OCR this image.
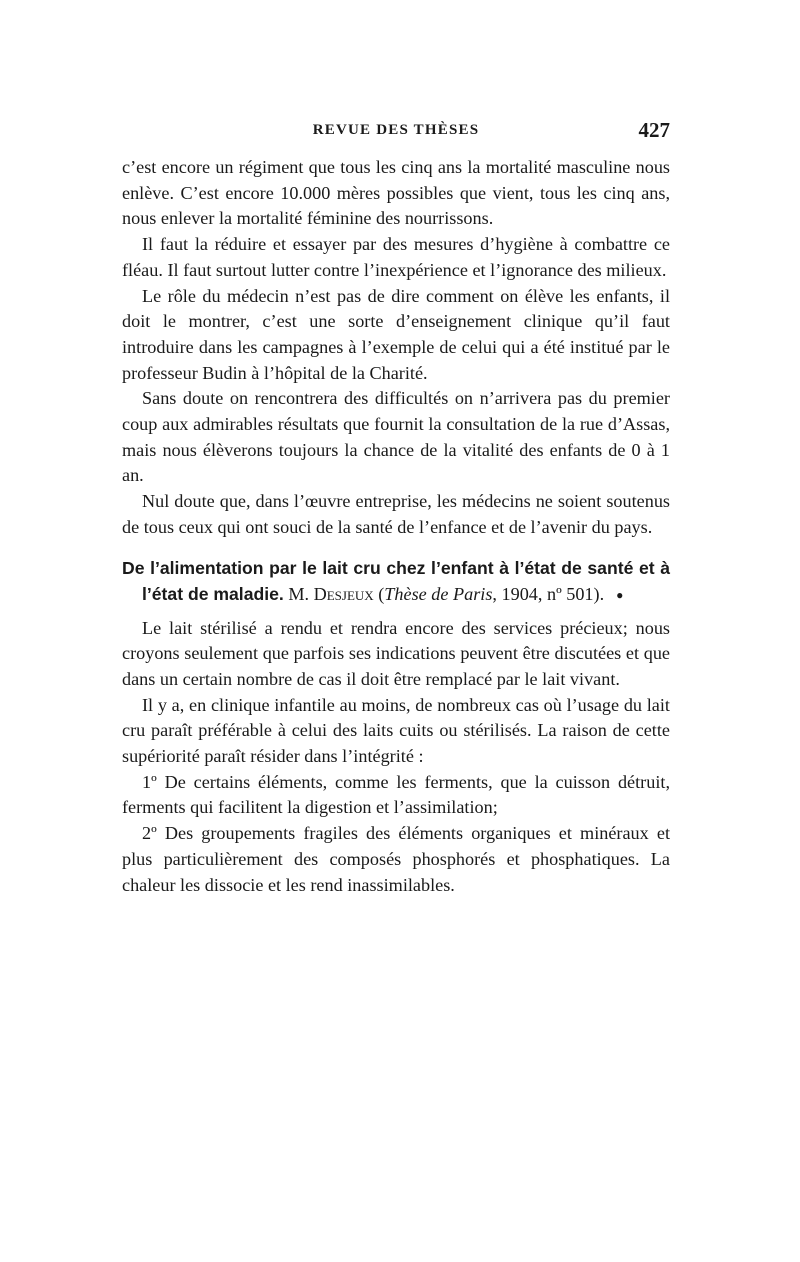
REVUE DES THÈSES	427

c’est encore un régiment que tous les cinq ans la mortalité masculine nous enlève. C’est encore 10.000 mères possibles que vient, tous les cinq ans, nous enlever la mortalité féminine des nourrissons.

Il faut la réduire et essayer par des mesures d’hygiène à combattre ce fléau. Il faut surtout lutter contre l’inexpérience et l’ignorance des milieux.

Le rôle du médecin n’est pas de dire comment on élève les enfants, il doit le montrer, c’est une sorte d’enseignement clinique qu’il faut introduire dans les campagnes à l’exemple de celui qui a été institué par le professeur Budin à l’hôpital de la Charité.

Sans doute on rencontrera des difficultés on n’arrivera pas du premier coup aux admirables résultats que fournit la consultation de la rue d’Assas, mais nous élèverons toujours la chance de la vitalité des enfants de 0 à 1 an.

Nul doute que, dans l’œuvre entreprise, les médecins ne soient soutenus de tous ceux qui ont souci de la santé de l’enfance et de l’avenir du pays.

De l’alimentation par le lait cru chez l’enfant à l’état de santé et à l’état de maladie. M. Desjeux (Thèse de Paris, 1904, nº 501). ●

Le lait stérilisé a rendu et rendra encore des services précieux; nous croyons seulement que parfois ses indications peuvent être discutées et que dans un certain nombre de cas il doit être remplacé par le lait vivant.

Il y a, en clinique infantile au moins, de nombreux cas où l’usage du lait cru paraît préférable à celui des laits cuits ou stérilisés. La raison de cette supériorité paraît résider dans l’intégrité :

1º De certains éléments, comme les ferments, que la cuisson détruit, ferments qui facilitent la digestion et l’assimilation;

2º Des groupements fragiles des éléments organiques et minéraux et plus particulièrement des composés phosphorés et phosphatiques. La chaleur les dissocie et les rend inassimilables.
